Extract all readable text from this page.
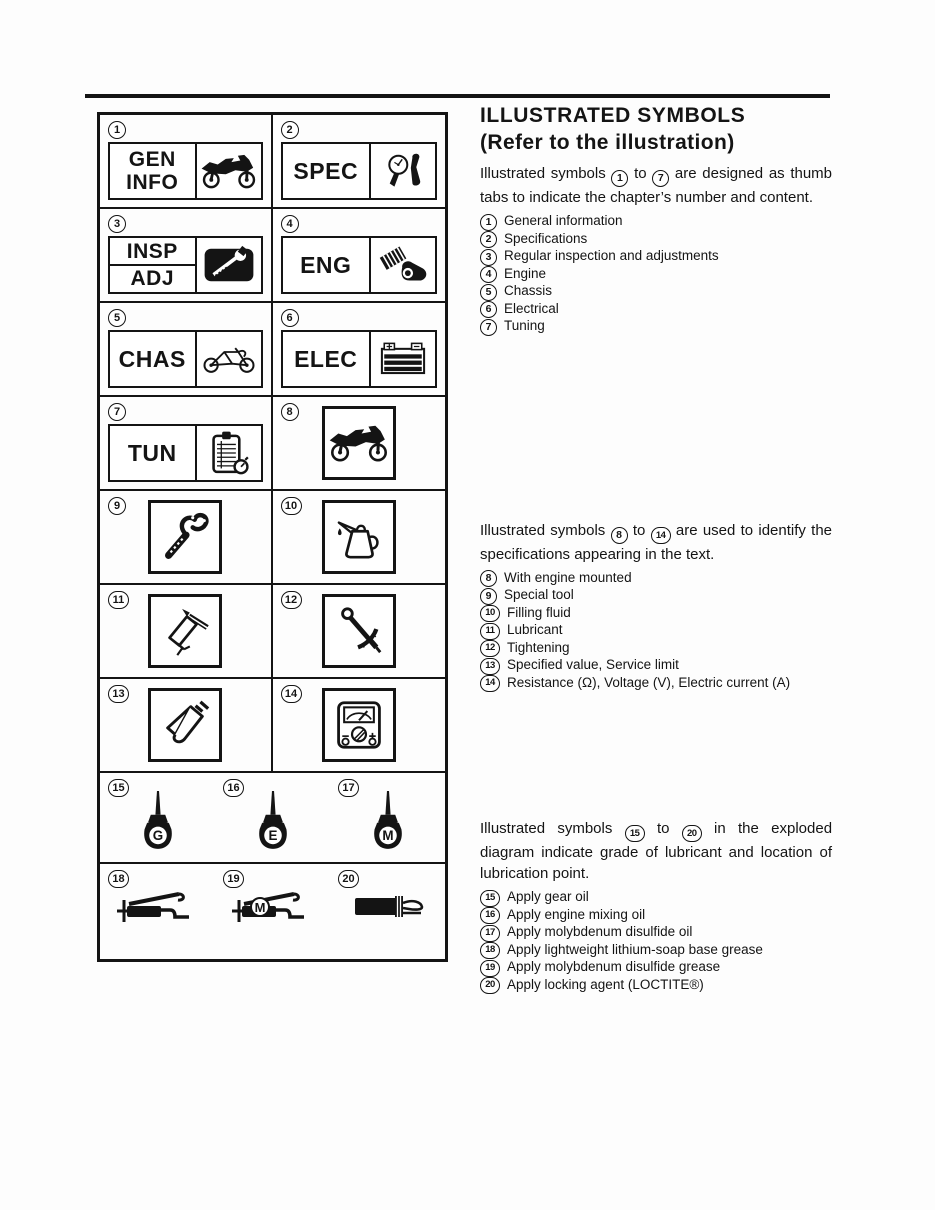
1
GEN
INFO
2
SPEC
3
INSP
ADJ
4
ENG
5
CHAS
6
ELEC
7
TUN
8
9	10
11	12
13	14
15
G
16
E
17
M
18	19
M
20
ILLUSTRATED SYMBOLS
(Refer to the illustration)

Illustrated symbols 1 to 7 are designed as thumb tabs to indicate the chapter’s number and content.

1 General information
2 Specifications
3 Regular inspection and adjustments
4 Engine
5 Chassis
6 Electrical
7 Tuning

Illustrated symbols 8 to 14 are used to identify the specifications appearing in the text.

8 With engine mounted
9 Special tool
10 Filling fluid
11 Lubricant
12 Tightening
13 Specified value, Service limit
14 Resistance (Ω), Voltage (V), Electric current (A)

Illustrated symbols 15 to 20 in the exploded diagram indicate grade of lubricant and location of lubrication point.

15 Apply gear oil
16 Apply engine mixing oil
17 Apply molybdenum disulfide oil
18 Apply lightweight lithium-soap base grease
19 Apply molybdenum disulfide grease
20 Apply locking agent (LOCTITE®)
